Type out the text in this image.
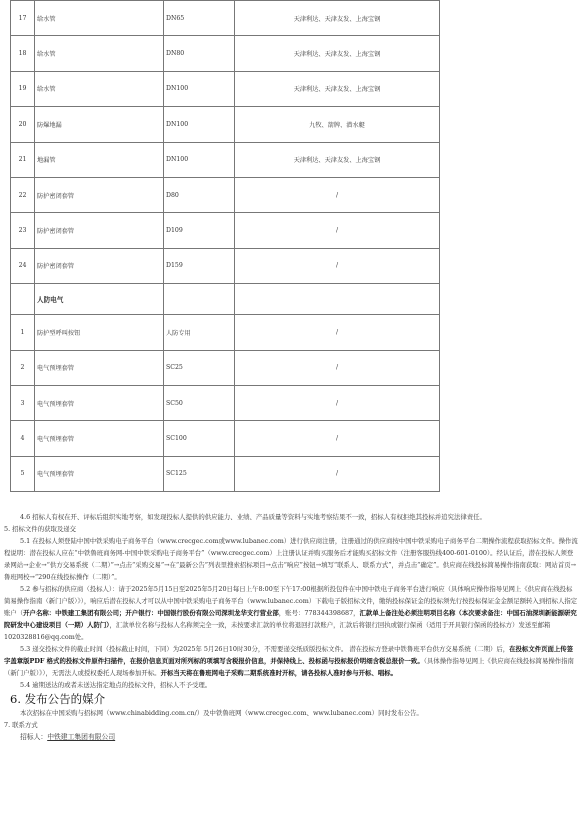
17	给水管	DN65	天津利达、天津友发、上海宝钢
18	给水管	DN80	天津利达、天津友发、上海宝钢
19	给水管	DN100	天津利达、天津友发、上海宝钢
20	防爆地漏	DN100	九牧、箭牌、潜水艇
21	地漏管	DN100	天津利达、天津友发、上海宝钢
22	防护密闭套管	D80	/
23	防护密闭套管	D109	/
24	防护密闭套管	D159	/
	人防电气		
1	防护型呼叫按钮	人防专用	/
2	电气预埋套管	SC25	/
3	电气预埋套管	SC50	/
4	电气预埋套管	SC100	/
5	电气预埋套管	SC125	/

4.6 招标人有权在开、评标后组织实地考察，如发现投标人提供的供应能力、业绩、产品质量等资料与实地考察结果不一致，招标人有权拒绝其投标并追究法律责任。

5. 招标文件的获取及递交

5.1 在投标人须登陆中国中铁采购电子商务平台（www.crecgec.com或www.lubanec.com）进行供应商注册，注册通过的供应商按中国中铁采购电子商务平台二期操作流程获取招标文件。操作流程说明：潜在投标人应在“中铁鲁班商务网-中国中铁采购电子商务平台”（www.crecgec.com）上注册认证并购买服务后才能购买招标文件（注册客服热线400-601-0100）。经认证后，潜在投标人须登录网站→企业→“供方交易系统（二期）”→点击“采购交易”→在“最新公告”列表里搜索招标项目→点击“响应”按钮→填写“联系人、联系方式”，并点击“确定”。供应商在线投标简易操作指南获取：网站首页→鲁班网校→“290在线投标操作（二期）”。

5.2 参与招标的供应商（投标人）：请于2025年5月15日至2025年5月20日每日上午8:00至下午17:00根据所投包件在中国中铁电子商务平台进行响应（具体响应操作指导见网上《供应商在线投标简易操作指南（新门户版）》），响应后潜在投标人才可以从中国中铁采购电子商务平台（www.lubanec.com）下载电子版招标文件，缴纳投标保证金的投标须先行按投标保证金金额足额转入到招标人指定账户（开户名称：中铁建工集团有限公司；开户银行：中国银行股份有限公司深圳龙华支行营业部，账号：778344398687，汇款单上备注处必须注明项目名称（本次要求备注：中国石油深圳新能源研究院研发中心建设项目（一期）人防门），汇款单位名称与投标人名称须完全一致，未按要求汇款的单位将退回打款账户，汇款后将银行回执或银行保函（适用于开具银行保函的投标方）发送至邮箱1020328816@qq.com处。

5.3 递交投标文件的截止时间（投标截止时间，下同）为2025年 5月26日10时30分，不需要递交纸质版投标文件。 潜在投标方登录中铁鲁班平台供方交易系统（二期）后，在投标文件页面上传签字盖章版PDF 格式的投标文件原件扫描件，在报价信息页面对所列标的项填写含税报价信息，并保持线上、投标函与投标报价明细含税总报价一致。（具体操作指导见网上《供应商在线投标简易操作指南（新门户版）》），无需法人或授权委托人现场参加开标。开标当天将在鲁班网电子采购二期系统准时开标，请各投标人准时参与开标、唱标。

5.4 逾期送达的或者未送达指定地点的投标文件，招标人不予受理。

6. 发布公告的媒介

本次招标在中国采购与招标网（www.chinabidding.com.cn/）及中铁鲁班网（www.crecgec.com、www.lubanec.com）同时发布公告。

7. 联系方式

招标人：中铁建工集团有限公司
